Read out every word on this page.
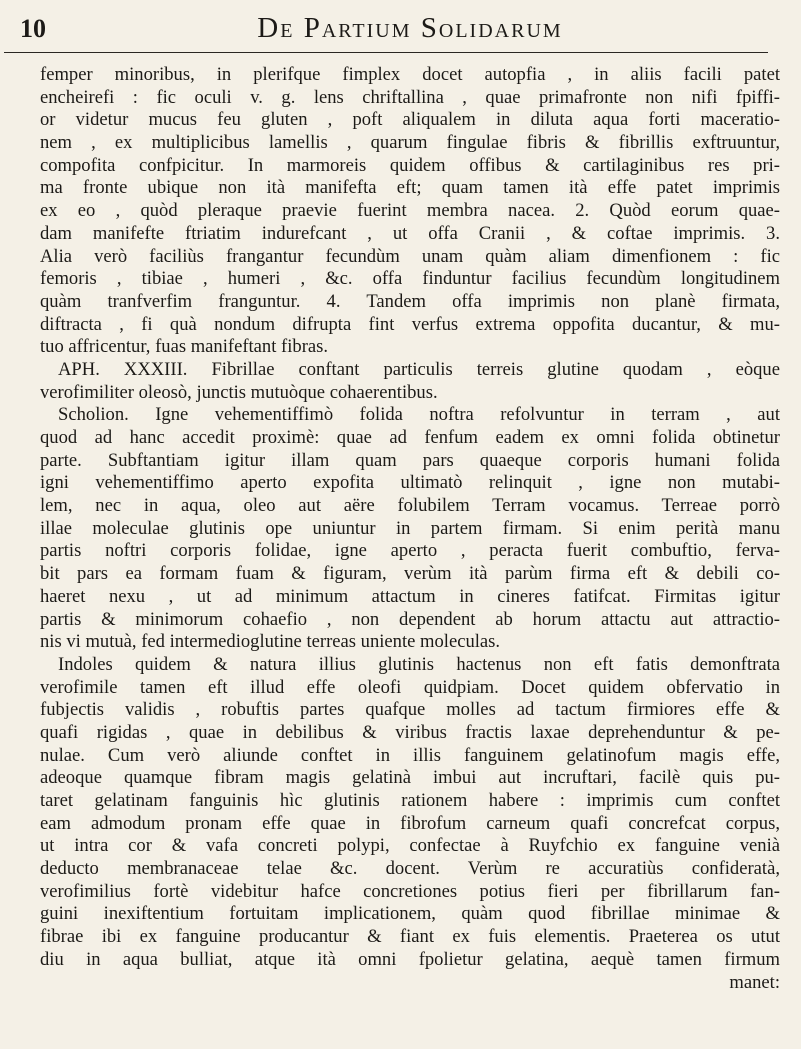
10	De Partium Solidarum
femper minoribus, in plerifque fimplex docet autopfia , in aliis facili patet
encheirefi : fic oculi v. g. lens chriftallina , quae primafronte non nifi fpiffi-
or videtur mucus feu gluten , poft aliqualem in diluta aqua forti maceratio-
nem , ex multiplicibus lamellis , quarum fingulae fibris & fibrillis exftruuntur,
compofita confpicitur. In marmoreis quidem offibus & cartilaginibus res pri-
ma fronte ubique non ità manifefta eft; quam tamen ità effe patet imprimis
ex eo , quòd pleraque praevie fuerint membra nacea. 2. Quòd eorum quae-
dam manifefte ftriatim indurefcant , ut offa Cranii , & coftae imprimis. 3.
Alia verò faciliùs frangantur fecundùm unam quàm aliam dimenfionem : fic
femoris , tibiae , humeri , &c. offa finduntur facilius fecundùm longitudinem
quàm tranfverfim franguntur. 4. Tandem offa imprimis non planè firmata,
diftracta , fi quà nondum difrupta fint verfus extrema oppofita ducantur, & mu-
tuo affricentur, fuas manifeftant fibras.
APH. XXXIII. Fibrillae conftant particulis terreis glutine quodam , eòque
verofimiliter oleosò, junctis mutuòque cohaerentibus.
Scholion. Igne vehementiffimò folida noftra refolvuntur in terram , aut
quod ad hanc accedit proximè: quae ad fenfum eadem ex omni folida obtinetur
parte. Subftantiam igitur illam quam pars quaeque corporis humani folida
igni vehementiffimo aperto expofita ultimatò relinquit , igne non mutabi-
lem, nec in aqua, oleo aut aëre folubilem Terram vocamus. Terreae porrò
illae moleculae glutinis ope uniuntur in partem firmam. Si enim perità manu
partis noftri corporis folidae, igne aperto , peracta fuerit combuftio, ferva-
bit pars ea formam fuam & figuram, verùm ità parùm firma eft & debili co-
haeret nexu , ut ad minimum attactum in cineres fatifcat. Firmitas igitur
partis & minimorum cohaefio , non dependent ab horum attactu aut attractio-
nis vi mutuà, fed intermedioglutine terreas uniente moleculas.
Indoles quidem & natura illius glutinis hactenus non eft fatis demonftrata
verofimile tamen eft illud effe oleofi quidpiam. Docet quidem obfervatio in
fubjectis validis , robuftis partes quafque molles ad tactum firmiores effe &
quafi rigidas , quae in debilibus & viribus fractis laxae deprehenduntur & pe-
nulae. Cum verò aliunde conftet in illis fanguinem gelatinofum magis effe,
adeoque quamque fibram magis gelatinà imbui aut incruftari, facilè quis pu-
taret gelatinam fanguinis hìc glutinis rationem habere : imprimis cum conftet
eam admodum pronam effe quae in fibrofum carneum quafi concrefcat corpus,
ut intra cor & vafa concreti polypi, confectae à Ruyfchio ex fanguine venià
deducto membranaceae telae &c. docent. Verùm re accuratiùs confideratà,
verofimilius fortè videbitur hafce concretiones potius fieri per fibrillarum fan-
guini inexiftentium fortuitam implicationem, quàm quod fibrillae minimae &
fibrae ibi ex fanguine producantur & fiant ex fuis elementis. Praeterea os utut
diu in aqua bulliat, atque ità omni fpolietur gelatina, aequè tamen firmum
manet:
